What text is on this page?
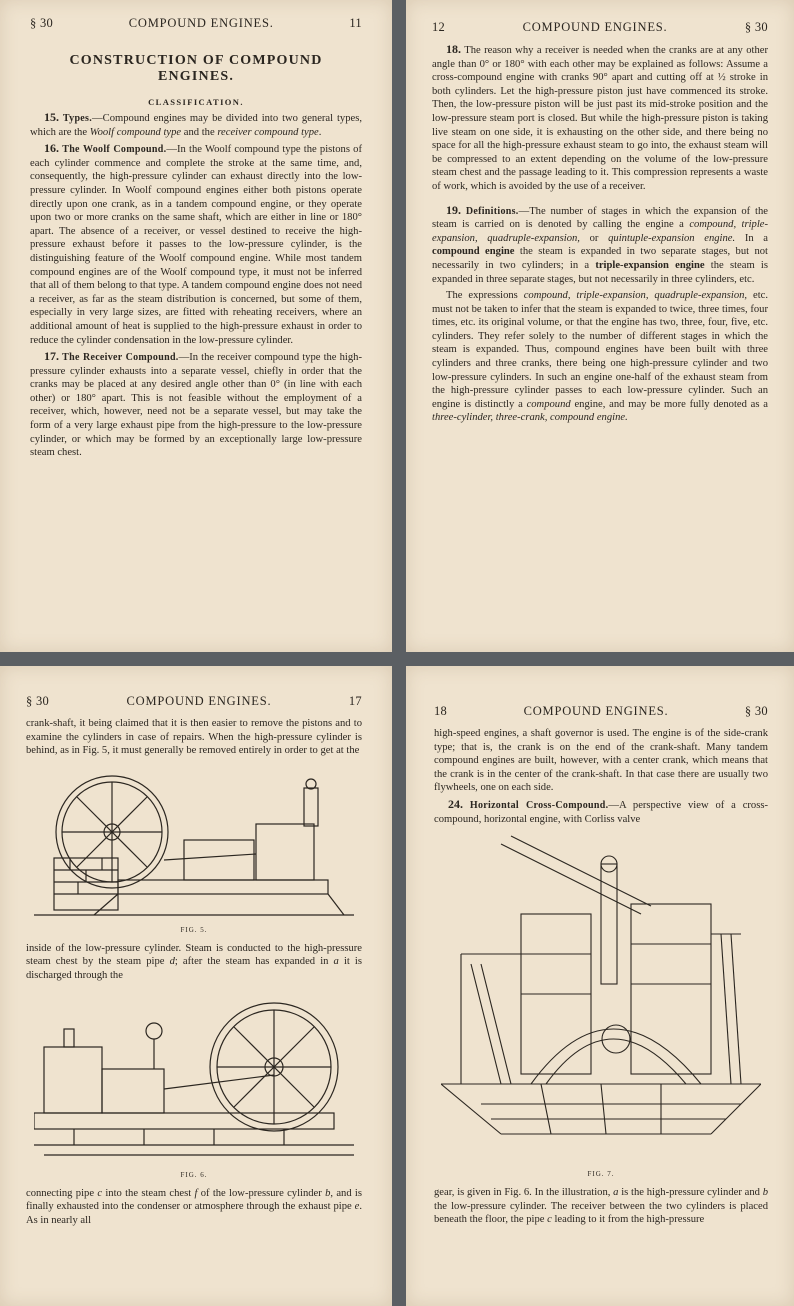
§ 30	COMPOUND ENGINES.	11
CONSTRUCTION OF COMPOUND ENGINES.
CLASSIFICATION.

15. Types.—Compound engines may be divided into two general types, which are the Woolf compound type and the receiver compound type.

16. The Woolf Compound.—In the Woolf compound type the pistons of each cylinder commence and complete the stroke at the same time, and, consequently, the high-pressure cylinder can exhaust directly into the low-pressure cylinder. In Woolf compound engines either both pistons operate directly upon one crank, as in a tandem compound engine, or they operate upon two or more cranks on the same shaft, which are either in line or 180° apart. The absence of a receiver, or vessel destined to receive the high-pressure exhaust before it passes to the low-pressure cylinder, is the distinguishing feature of the Woolf compound engine. While most tandem compound engines are of the Woolf compound type, it must not be inferred that all of them belong to that type. A tandem compound engine does not need a receiver, as far as the steam distribution is concerned, but some of them, especially in very large sizes, are fitted with reheating receivers, where an additional amount of heat is supplied to the high-pressure exhaust in order to reduce the cylinder condensation in the low-pressure cylinder.

17. The Receiver Compound.—In the receiver compound type the high-pressure cylinder exhausts into a separate vessel, chiefly in order that the cranks may be placed at any desired angle other than 0° (in line with each other) or 180° apart. This is not feasible without the employment of a receiver, which, however, need not be a separate vessel, but may take the form of a very large exhaust pipe from the high-pressure to the low-pressure cylinder, or which may be formed by an exceptionally large low-pressure steam chest.

12	COMPOUND ENGINES.	§ 30

18. The reason why a receiver is needed when the cranks are at any other angle than 0° or 180° with each other may be explained as follows: Assume a cross-compound engine with cranks 90° apart and cutting off at ½ stroke in both cylinders. Let the high-pressure piston just have commenced its stroke. Then, the low-pressure piston will be just past its mid-stroke position and the low-pressure steam port is closed. But while the high-pressure piston is taking live steam on one side, it is exhausting on the other side, and there being no space for all the high-pressure exhaust steam to go into, the exhaust steam will be compressed to an extent depending on the volume of the low-pressure steam chest and the passage leading to it. This compression represents a waste of work, which is avoided by the use of a receiver.

19. Definitions.—The number of stages in which the expansion of the steam is carried on is denoted by calling the engine a compound, triple-expansion, quadruple-expansion, or quintuple-expansion engine. In a compound engine the steam is expanded in two separate stages, but not necessarily in two cylinders; in a triple-expansion engine the steam is expanded in three separate stages, but not necessarily in three cylinders, etc.

The expressions compound, triple-expansion, quadruple-expansion, etc. must not be taken to infer that the steam is expanded to twice, three times, four times, etc. its original volume, or that the engine has two, three, four, five, etc. cylinders. They refer solely to the number of different stages in which the steam is expanded. Thus, compound engines have been built with three cylinders and three cranks, there being one high-pressure cylinder and two low-pressure cylinders. In such an engine one-half of the exhaust steam from the high-pressure cylinder passes to each low-pressure cylinder. Such an engine is distinctly a compound engine, and may be more fully denoted as a three-cylinder, three-crank, compound engine.

§ 30	COMPOUND ENGINES.	17

crank-shaft, it being claimed that it is then easier to remove the pistons and to examine the cylinders in case of repairs. When the high-pressure cylinder is behind, as in Fig. 5, it must generally be removed entirely in order to get at the

FIG. 5.

inside of the low-pressure cylinder. Steam is conducted to the high-pressure steam chest by the steam pipe d; after the steam has expanded in a it is discharged through the

FIG. 6.

connecting pipe c into the steam chest f of the low-pressure cylinder b, and is finally exhausted into the condenser or atmosphere through the exhaust pipe e. As in nearly all

18	COMPOUND ENGINES.	§ 30

high-speed engines, a shaft governor is used. The engine is of the side-crank type; that is, the crank is on the end of the crank-shaft. Many tandem compound engines are built, however, with a center crank, which means that the crank is in the center of the crank-shaft. In that case there are usually two flywheels, one on each side.

24. Horizontal Cross-Compound.—A perspective view of a cross-compound, horizontal engine, with Corliss valve

FIG. 7.

gear, is given in Fig. 6. In the illustration, a is the high-pressure cylinder and b the low-pressure cylinder. The receiver between the two cylinders is placed beneath the floor, the pipe c leading to it from the high-pressure
